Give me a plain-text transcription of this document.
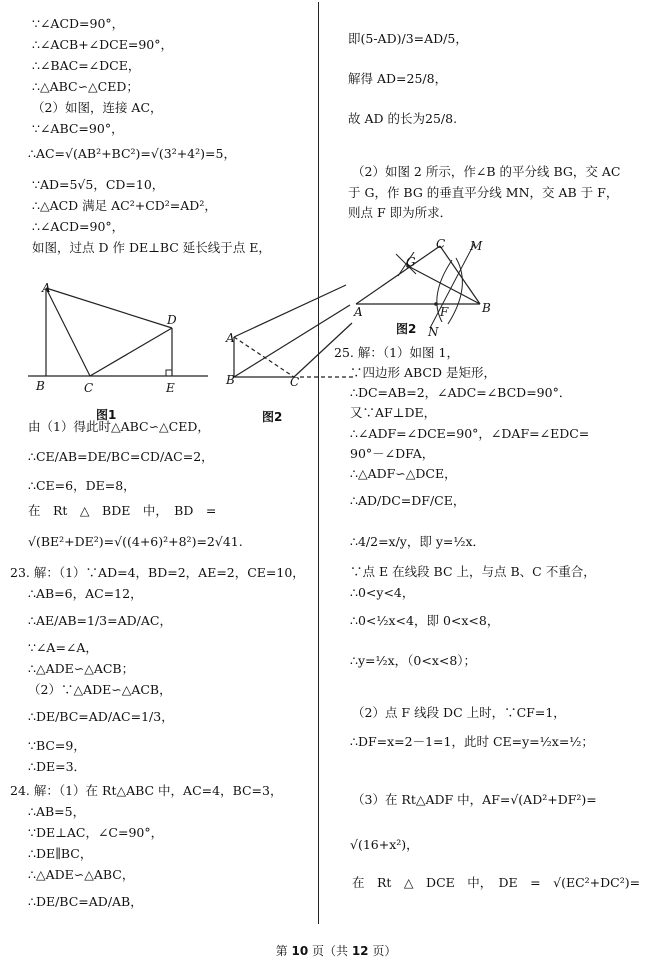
∵∠ACD=90°，
∴∠ACB+∠DCE=90°，
∴∠BAC=∠DCE，
∴△ABC∽△CED；
（2）如图，连接 AC，
∵∠ABC=90°，
∴AC=√(AB²+BC²)=√(3²+4²)=5，
∵AD=5√5，CD=10，
∴△ACD 满足 AC²+CD²=AD²，
∴∠ACD=90°，
如图，过点 D 作 DE⊥BC 延长线于点 E，
由（1）得此时△ABC∽△CED，
∴CE/AB=DE/BC=CD/AC=2，
∴CE=6，DE=8，
在　Rt　△　BDE　中，　BD　=
√(BE²+DE²)=√((4+6)²+8²)=2√41.
23. 解：（1）∵AD=4，BD=2，AE=2，CE=10，
∴AB=6，AC=12，
∴AE/AB=1/3=AD/AC，
∵∠A=∠A，
∴△ADE∽△ACB；
（2）∵△ADE∽△ACB，
∴DE/BC=AD/AC=1/3，
∵BC=9，
∴DE=3．
24. 解：（1）在 Rt△ABC 中，AC=4，BC=3，
∴AB=5，
∵DE⊥AC，∠C=90°，
∴DE∥BC，
∴△ADE∽△ABC，
∴DE/BC=AD/AB，
即(5-AD)/3=AD/5，
解得 AD=25/8，
故 AD 的长为25/8.
（2）如图 2 所示，作∠B 的平分线 BG，交 AC
于 G，作 BG 的垂直平分线 MN，交 AB 于 F，
则点 F 即为所求．
25. 解：（1）如图 1，
∵四边形 ABCD 是矩形，
∴DC=AB=2，∠ADC=∠BCD=90°．
又∵AF⊥DE，
∴∠ADF=∠DCE=90°，∠DAF=∠EDC=
90°－∠DFA，
∴△ADF∽△DCE，
∴AD/DC=DF/CE，
∴4/2=x/y，即 y=½x．
∵点 E 在线段 BC 上，与点 B、C 不重合，
∴0<y<4，
∴0<½x<4，即 0<x<8，
∴y=½x，（0<x<8）；
（2）点 F 线段 DC 上时，∵CF=1，
∴DF=x=2－1=1，此时 CE=y=½x=½；
（3）在 Rt△ADF 中，AF=√(AD²+DF²)=
√(16+x²)，
在　Rt　△　DCE　中，　DE　=　√(EC²+DC²)=
A
D
B	C	E
图1
A
B	C
图2
C M
G
A	F	B
N
图2
第 10 页（共 12 页）
